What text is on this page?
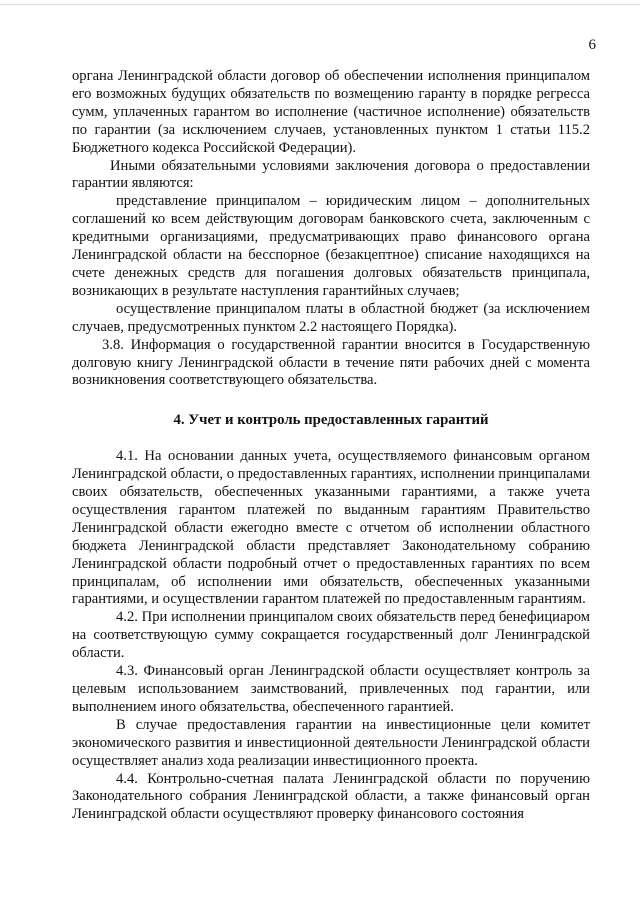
6

органа Ленинградской области договор об обеспечении исполнения принципалом его возможных будущих обязательств по возмещению гаранту в порядке регресса сумм, уплаченных гарантом во исполнение (частичное исполнение) обязательств по гарантии (за исключением случаев, установленных пунктом 1 статьи 115.2 Бюджетного кодекса Российской Федерации).

Иными обязательными условиями заключения договора о предоставлении гарантии являются:

представление принципалом – юридическим лицом – дополнительных соглашений ко всем действующим договорам банковского счета, заключенным с кредитными организациями, предусматривающих право финансового органа Ленинградской области на бесспорное (безакцептное) списание находящихся на счете денежных средств для погашения долговых обязательств принципала, возникающих в результате наступления гарантийных случаев;

осуществление принципалом платы в областной бюджет (за исключением случаев, предусмотренных пунктом 2.2 настоящего Порядка).

3.8. Информация о государственной гарантии вносится в Государственную долговую книгу Ленинградской области в течение пяти рабочих дней с момента возникновения соответствующего обязательства.

4. Учет и контроль предоставленных гарантий

4.1. На основании данных учета, осуществляемого финансовым органом Ленинградской области, о предоставленных гарантиях, исполнении принципалами своих обязательств, обеспеченных указанными гарантиями, а также учета осуществления гарантом платежей по выданным гарантиям Правительство Ленинградской области ежегодно вместе с отчетом об исполнении областного бюджета Ленинградской области представляет Законодательному собранию Ленинградской области подробный отчет о предоставленных гарантиях по всем принципалам, об исполнении ими обязательств, обеспеченных указанными гарантиями, и осуществлении гарантом платежей по предоставленным гарантиям.

4.2. При исполнении принципалом своих обязательств перед бенефициаром на соответствующую сумму сокращается государственный долг Ленинградской области.

4.3. Финансовый орган Ленинградской области осуществляет контроль за целевым использованием заимствований, привлеченных под гарантии, или выполнением иного обязательства, обеспеченного гарантией.

В случае предоставления гарантии на инвестиционные цели комитет экономического развития и инвестиционной деятельности Ленинградской области осуществляет анализ хода реализации инвестиционного проекта.

4.4. Контрольно-счетная палата Ленинградской области по поручению Законодательного собрания Ленинградской области, а также финансовый орган Ленинградской области осуществляют проверку финансового состояния
